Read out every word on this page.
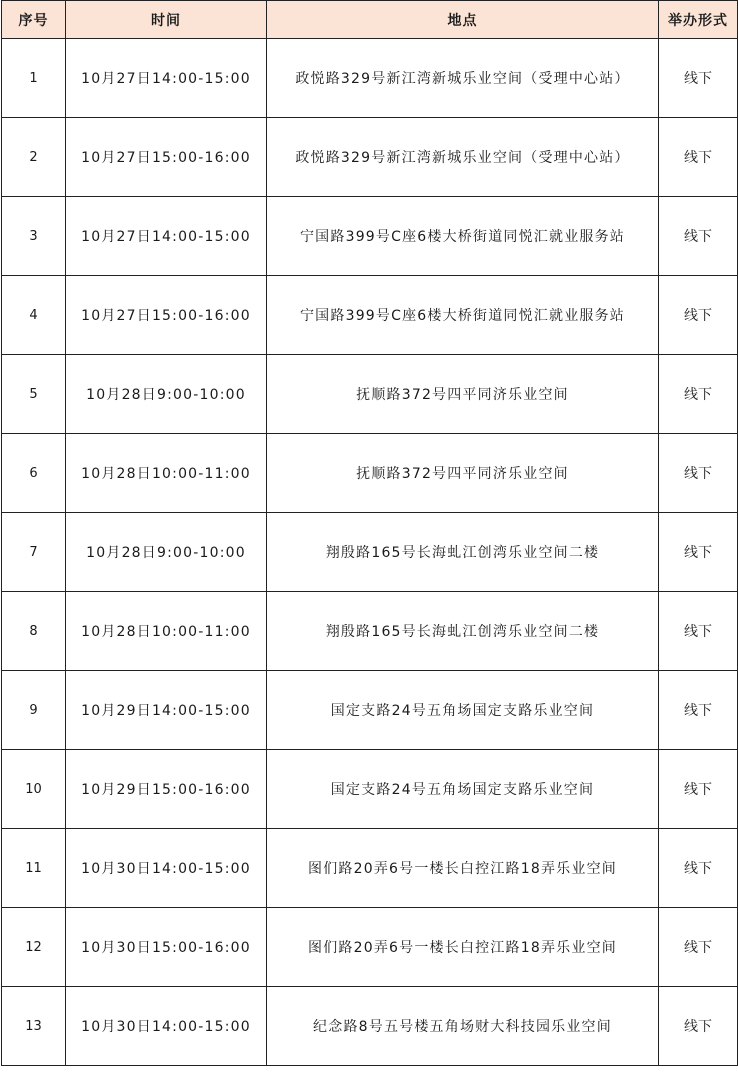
序号	时间	地点	举办形式
1	10月27日14:00-15:00	政悦路329号新江湾新城乐业空间（受理中心站）	线下
2	10月27日15:00-16:00	政悦路329号新江湾新城乐业空间（受理中心站）	线下
3	10月27日14:00-15:00	宁国路399号C座6楼大桥街道同悦汇就业服务站	线下
4	10月27日15:00-16:00	宁国路399号C座6楼大桥街道同悦汇就业服务站	线下
5	10月28日9:00-10:00	抚顺路372号四平同济乐业空间	线下
6	10月28日10:00-11:00	抚顺路372号四平同济乐业空间	线下
7	10月28日9:00-10:00	翔殷路165号长海虬江创湾乐业空间二楼	线下
8	10月28日10:00-11:00	翔殷路165号长海虬江创湾乐业空间二楼	线下
9	10月29日14:00-15:00	国定支路24号五角场国定支路乐业空间	线下
10	10月29日15:00-16:00	国定支路24号五角场国定支路乐业空间	线下
11	10月30日14:00-15:00	图们路20弄6号一楼长白控江路18弄乐业空间	线下
12	10月30日15:00-16:00	图们路20弄6号一楼长白控江路18弄乐业空间	线下
13	10月30日14:00-15:00	纪念路8号五号楼五角场财大科技园乐业空间	线下
